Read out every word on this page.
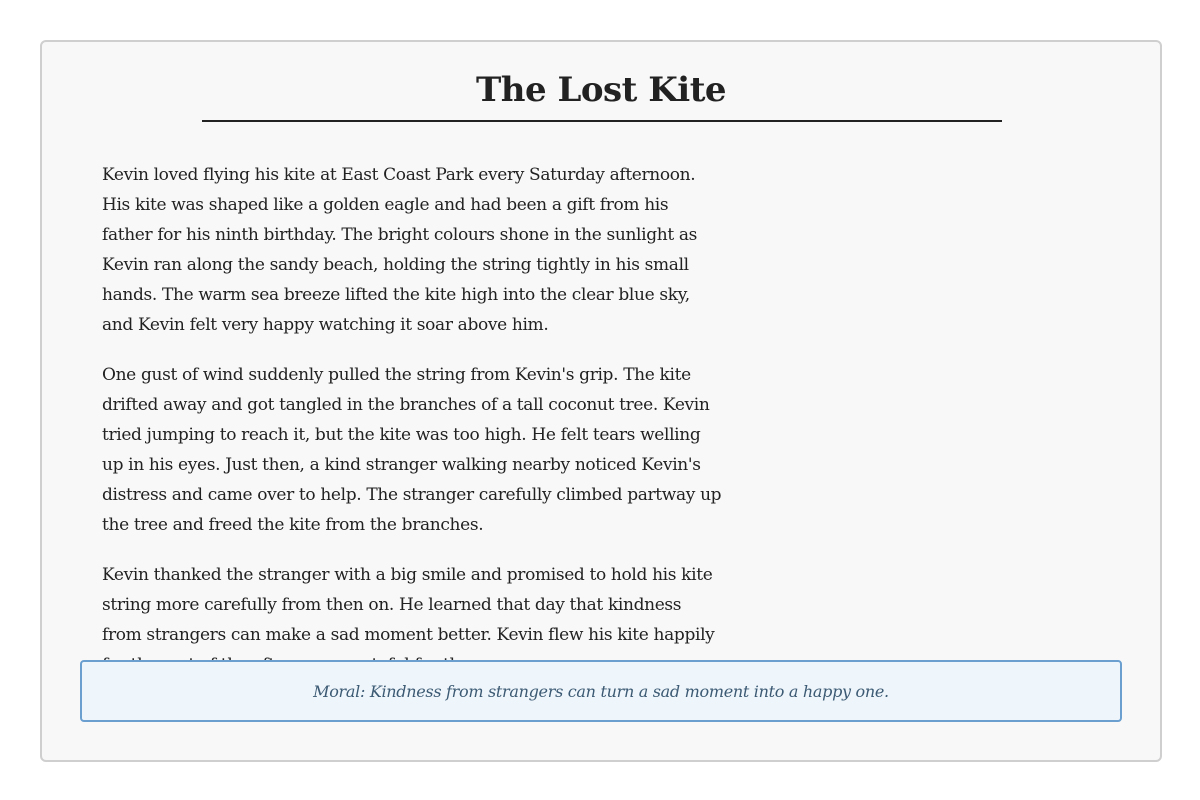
The Lost Kite

Kevin loved flying his kite at East Coast Park every Saturday afternoon. His kite was shaped like a golden eagle and had been a gift from his father for his ninth birthday. The bright colours shone in the sunlight as Kevin ran along the sandy beach, holding the string tightly in his small hands. The warm sea breeze lifted the kite high into the clear blue sky, and Kevin felt very happy watching it soar above him.

One gust of wind suddenly pulled the string from Kevin's grip. The kite drifted away and got tangled in the branches of a tall coconut tree. Kevin tried jumping to reach it, but the kite was too high. He felt tears welling up in his eyes. Just then, a kind stranger walking nearby noticed Kevin's distress and came over to help. The stranger carefully climbed partway up the tree and freed the kite from the branches.

Kevin thanked the stranger with a big smile and promised to hold his kite string more carefully from then on. He learned that day that kindness from strangers can make a sad moment better. Kevin flew his kite happily

Moral: Kindness from strangers can turn a sad moment into a happy one.
